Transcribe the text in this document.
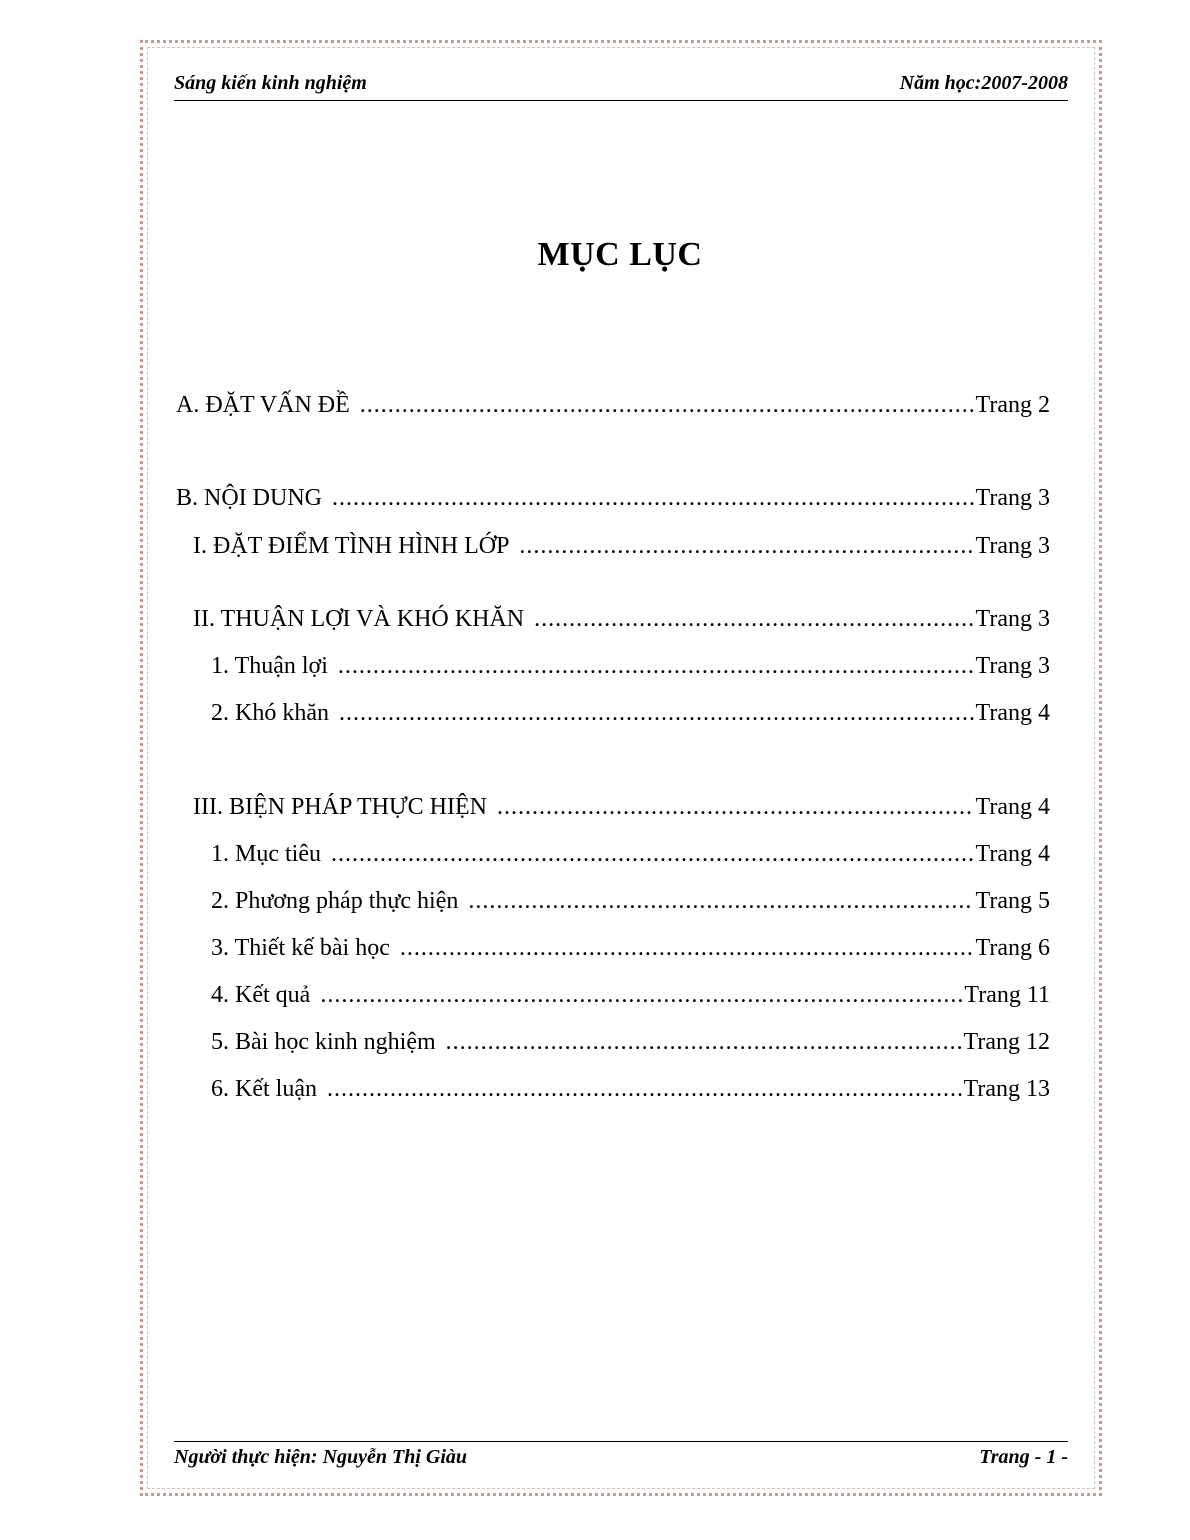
Sáng kiến kinh nghiệm	Năm học:2007-2008
MỤC LỤC
A. ĐẶT VẤN ĐỀ .....	Trang 2
B. NỘI DUNG .....	Trang 3
I. ĐẶT ĐIỂM TÌNH HÌNH LỚP .....	Trang 3
II. THUẬN LỢI VÀ KHÓ KHĂN .....	Trang 3
1. Thuận lợi .....	Trang 3
2. Khó khăn .....	Trang 4
III. BIỆN PHÁP THỰC HIỆN .....	Trang 4
1. Mục tiêu .....	Trang 4
2. Phương pháp thực hiện .....	Trang 5
3. Thiết kế bài học .....	Trang 6
4. Kết quả .....	Trang 11
5. Bài học kinh nghiệm .....	Trang 12
6. Kết luận .....	Trang 13
Người thực hiện: Nguyễn Thị Giàu	Trang - 1 -
